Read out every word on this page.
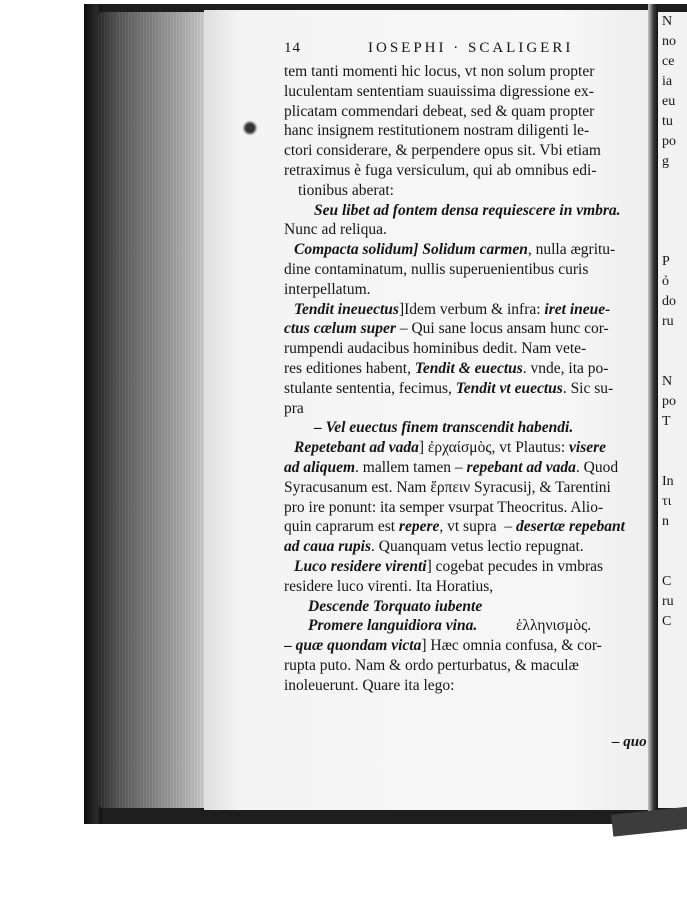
14	IOSEPHI · SCALIGERI
tem tanti momenti hic locus, vt non solum propter
luculentam sententiam suauissima digressione ex-
plicatam commendari debeat, sed & quam propter
hanc insignem restitutionem nostram diligenti le-
ctori considerare, & perpendere opus sit. Vbi etiam
retraximus è fuga versiculum, qui ab omnibus edi-
tionibus aberat:
Seu libet ad fontem densa requiescere in vmbra.
Nunc ad reliqua.
Compacta solidum] Solidum carmen, nulla ægritu-
dine contaminatum, nullis superuenientibus curis
interpellatum.
Tendit ineuectus]Idem verbum & infra: iret ineue-
ctus cælum super – Qui sane locus ansam hunc cor-
rumpendi audacibus hominibus dedit. Nam vete-
res editiones habent, Tendit & euectus. vnde, ita po-
stulante sententia, fecimus, Tendit vt euectus. Sic su-
pra
– Vel euectus finem transcendit habendi.
Repetebant ad vada] ἐρχαίσμὸς, vt Plautus: visere
ad aliquem. mallem tamen – repebant ad vada. Quod
Syracusanum est. Nam ἕρπειν Syracusij, & Tarentini
pro ire ponunt: ita semper vsurpat Theocritus. Alio-
quin caprarum est repere, vt supra  – desertæ repebant
ad caua rupis. Quanquam vetus lectio repugnat.
Luco residere virenti] cogebat pecudes in vmbras
residere luco virenti. Ita Horatius,
Descende Torquato iubente
Promere languidiora vina.          ἑλληνισμὸς.
– quæ quondam victa] Hæc omnia confusa, & cor-
rupta puto. Nam & ordo perturbatus, & maculæ
inoleuerunt. Quare ita lego:
– quo
N
no
ce
ia
eu
tu
po
g
P
ỏ
do
ru
N
po
T
In
τι
n
C
ru
C
